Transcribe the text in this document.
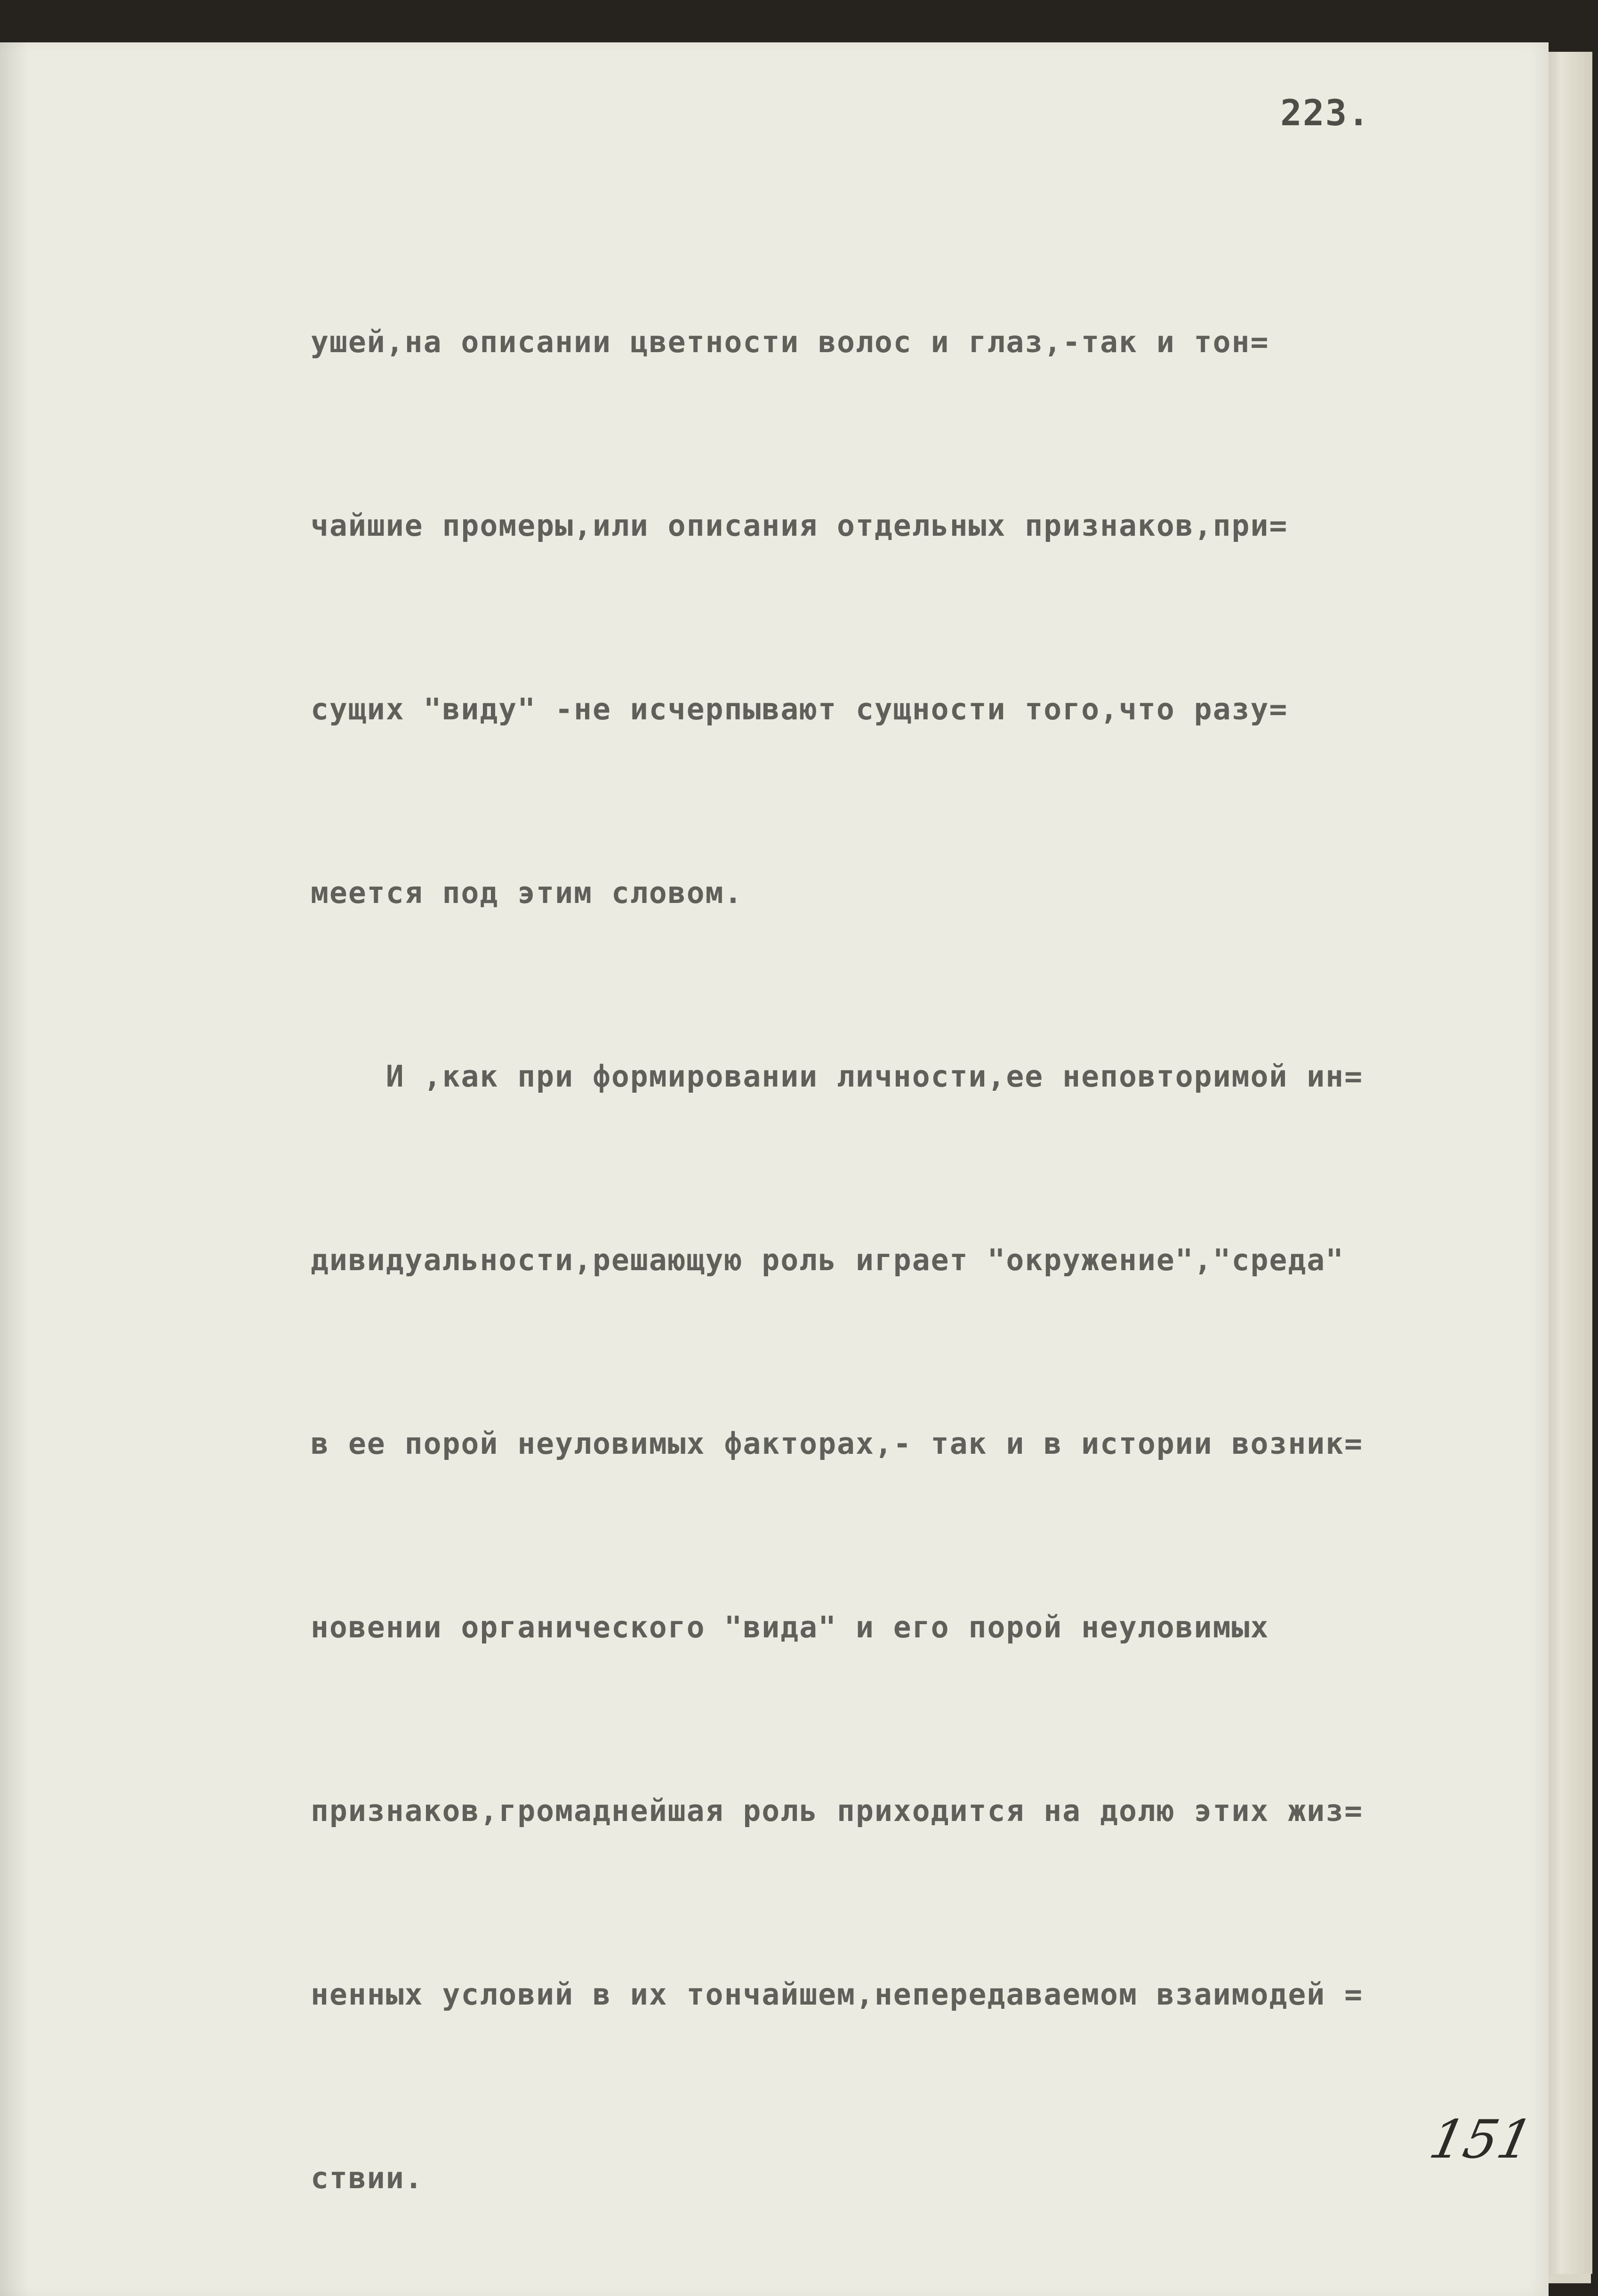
223.

ушей,на описании цветности волос и глаз,-так и тон=

чайшие промеры,или описания отдельных признаков,при=

сущих "виду" -не исчерпывают сущности того,что разу=

меется под этим словом.

И ,как при формировании личности,ее неповторимой ин=

дивидуальности,решающую роль играет "окружение","среда"

в ее порой неуловимых факторах,- так и в истории возник=

новении органического "вида" и его порой неуловимых

признаков,громаднейшая роль приходится на долю этих жиз=

ненных условий в их тончайшем,непередаваемом взаимодей =

ствии.

151
